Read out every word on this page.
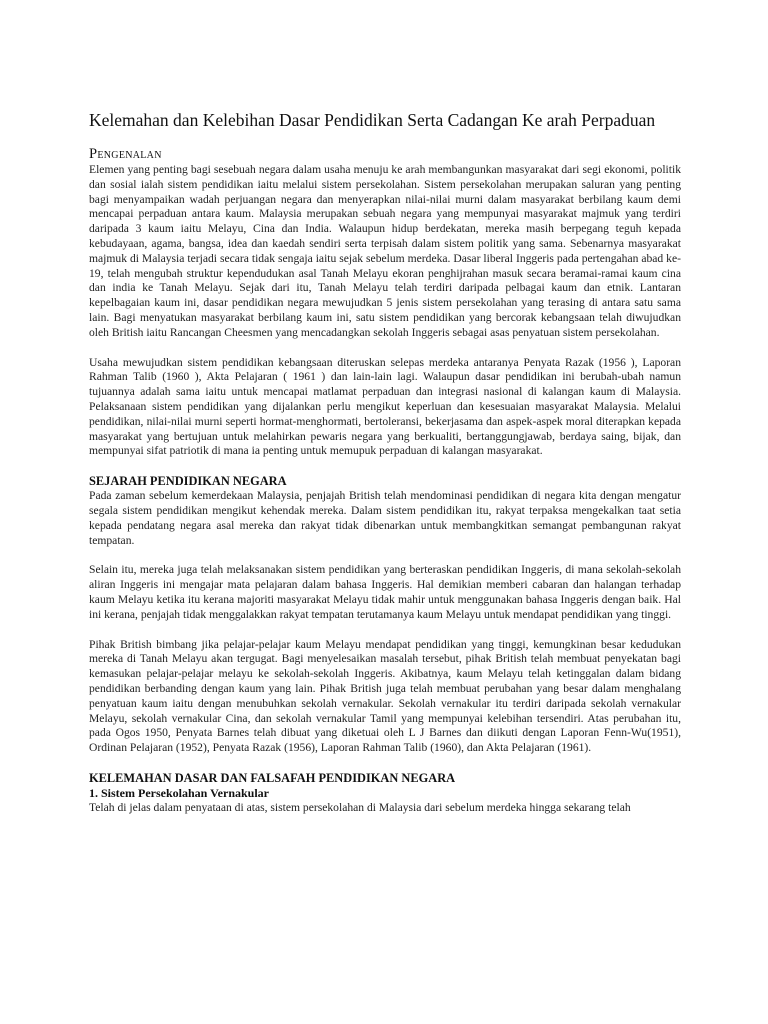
Kelemahan dan Kelebihan Dasar Pendidikan Serta Cadangan Ke arah Perpaduan
Pengenalan

Elemen yang penting bagi sesebuah negara dalam usaha menuju ke arah membangunkan masyarakat dari segi ekonomi, politik dan sosial ialah sistem pendidikan iaitu melalui sistem persekolahan. Sistem persekolahan merupakan saluran yang penting bagi menyampaikan wadah perjuangan negara dan menyerapkan nilai-nilai murni dalam masyarakat berbilang kaum demi mencapai perpaduan antara kaum. Malaysia merupakan sebuah negara yang mempunyai masyarakat majmuk yang terdiri daripada 3 kaum iaitu Melayu, Cina dan India. Walaupun hidup berdekatan, mereka masih berpegang teguh kepada kebudayaan, agama, bangsa, idea dan kaedah sendiri serta terpisah dalam sistem politik yang sama. Sebenarnya masyarakat majmuk di Malaysia terjadi secara tidak sengaja iaitu sejak sebelum merdeka. Dasar liberal Inggeris pada pertengahan abad ke-19, telah mengubah struktur kependudukan asal Tanah Melayu ekoran penghijrahan masuk secara beramai-ramai kaum cina dan india ke Tanah Melayu. Sejak dari itu, Tanah Melayu telah terdiri daripada pelbagai kaum dan etnik. Lantaran kepelbagaian kaum ini, dasar pendidikan negara mewujudkan 5 jenis sistem persekolahan yang terasing di antara satu sama lain. Bagi menyatukan masyarakat berbilang kaum ini, satu sistem pendidikan yang bercorak kebangsaan telah diwujudkan oleh British iaitu Rancangan Cheesmen yang mencadangkan sekolah Inggeris sebagai asas penyatuan sistem persekolahan.

Usaha mewujudkan sistem pendidikan kebangsaan diteruskan selepas merdeka antaranya Penyata Razak (1956 ), Laporan Rahman Talib (1960 ), Akta Pelajaran ( 1961 ) dan lain-lain lagi. Walaupun dasar pendidikan ini berubah-ubah namun tujuannya adalah sama iaitu untuk mencapai matlamat perpaduan dan integrasi nasional di kalangan kaum di Malaysia. Pelaksanaan sistem pendidikan yang dijalankan perlu mengikut keperluan dan kesesuaian masyarakat Malaysia. Melalui pendidikan, nilai-nilai murni seperti hormat-menghormati, bertoleransi, bekerjasama dan aspek-aspek moral diterapkan kepada masyarakat yang bertujuan untuk melahirkan pewaris negara yang berkualiti, bertanggungjawab, berdaya saing, bijak, dan mempunyai sifat patriotik di mana ia penting untuk memupuk perpaduan di kalangan masyarakat.

SEJARAH PENDIDIKAN NEGARA

Pada zaman sebelum kemerdekaan Malaysia, penjajah British telah mendominasi pendidikan di negara kita dengan mengatur segala sistem pendidikan mengikut kehendak mereka. Dalam sistem pendidikan itu, rakyat terpaksa mengekalkan taat setia kepada pendatang negara asal mereka dan rakyat tidak dibenarkan untuk membangkitkan semangat pembangunan rakyat tempatan.

Selain itu, mereka juga telah melaksanakan sistem pendidikan yang berteraskan pendidikan Inggeris, di mana sekolah-sekolah aliran Inggeris ini mengajar mata pelajaran dalam bahasa Inggeris. Hal demikian memberi cabaran dan halangan terhadap kaum Melayu ketika itu kerana majoriti masyarakat Melayu tidak mahir untuk menggunakan bahasa Inggeris dengan baik. Hal ini kerana, penjajah tidak menggalakkan rakyat tempatan terutamanya kaum Melayu untuk mendapat pendidikan yang tinggi.

Pihak British bimbang jika pelajar-pelajar kaum Melayu mendapat pendidikan yang tinggi, kemungkinan besar kedudukan mereka di Tanah Melayu akan tergugat. Bagi menyelesaikan masalah tersebut, pihak British telah membuat penyekatan bagi kemasukan pelajar-pelajar melayu ke sekolah-sekolah Inggeris. Akibatnya, kaum Melayu telah ketinggalan dalam bidang pendidikan berbanding dengan kaum yang lain. Pihak British juga telah membuat perubahan yang besar dalam menghalang penyatuan kaum iaitu dengan menubuhkan sekolah vernakular. Sekolah vernakular itu terdiri daripada sekolah vernakular Melayu, sekolah vernakular Cina, dan sekolah vernakular Tamil yang mempunyai kelebihan tersendiri. Atas perubahan itu, pada Ogos 1950, Penyata Barnes telah dibuat yang diketuai oleh L J Barnes dan diikuti dengan Laporan Fenn-Wu(1951), Ordinan Pelajaran (1952), Penyata Razak (1956), Laporan Rahman Talib (1960), dan Akta Pelajaran (1961).

KELEMAHAN DASAR DAN FALSAFAH PENDIDIKAN NEGARA
1. Sistem Persekolahan Vernakular

Telah di jelas dalam penyataan di atas, sistem persekolahan di Malaysia dari sebelum merdeka hingga sekarang telah
